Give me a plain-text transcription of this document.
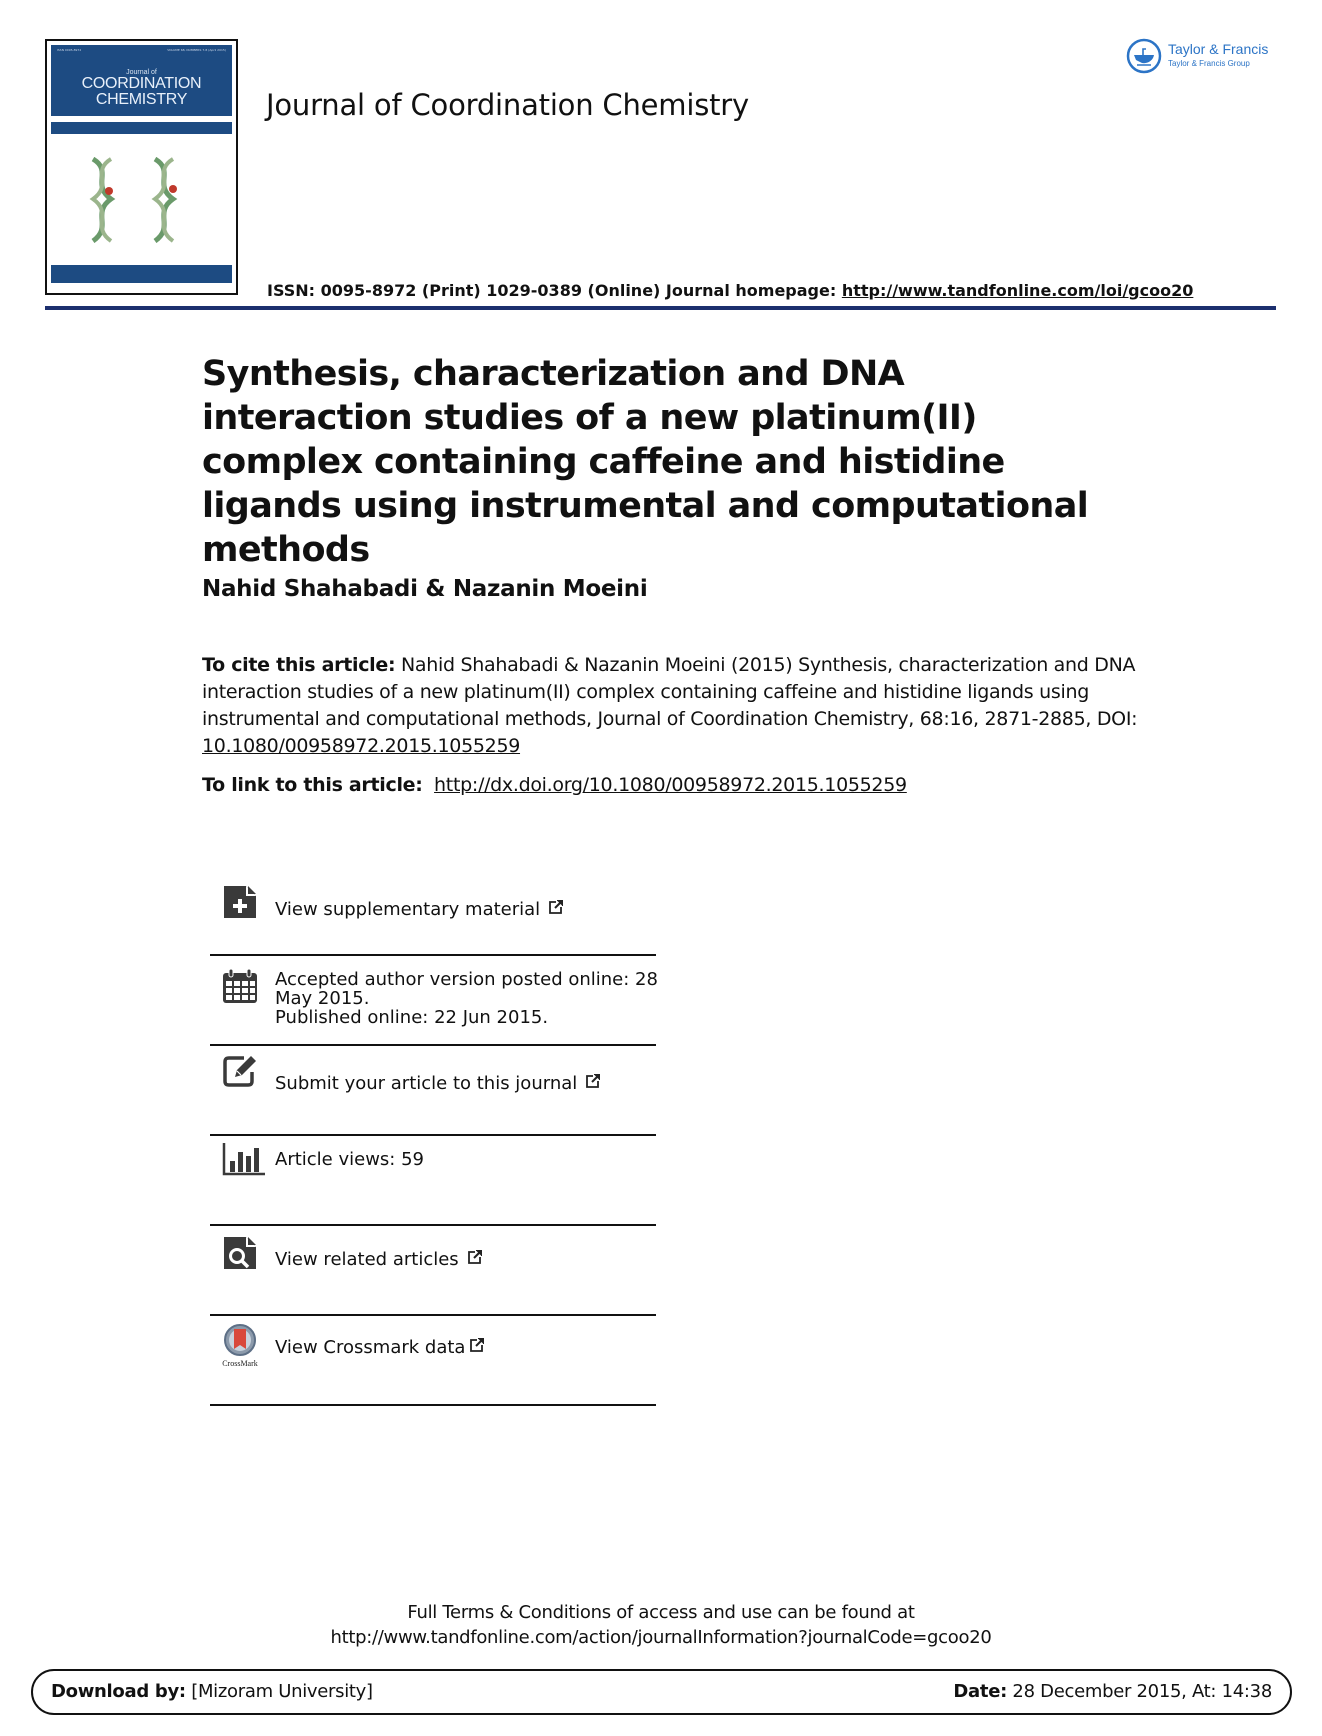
ISSN 0095-8972	VOLUME 68, NUMBERS 7-8 (April 2015)
Journal of
COORDINATION
CHEMISTRY	Journal of Coordination Chemistry
Taylor & Francis
Taylor & Francis Group
ISSN: 0095-8972 (Print) 1029-0389 (Online) Journal homepage: http://www.tandfonline.com/loi/gcoo20
Synthesis, characterization and DNA interaction studies of a new platinum(II) complex containing caffeine and histidine ligands using instrumental and computational methods
Nahid Shahabadi & Nazanin Moeini
To cite this article: Nahid Shahabadi & Nazanin Moeini (2015) Synthesis, characterization and DNA interaction studies of a new platinum(II) complex containing caffeine and histidine ligands using instrumental and computational methods, Journal of Coordination Chemistry, 68:16, 2871-2885, DOI: 10.1080/00958972.2015.1055259
To link to this article: http://dx.doi.org/10.1080/00958972.2015.1055259
View supplementary material
Accepted author version posted online: 28
May 2015.
Published online: 22 Jun 2015.
Submit your article to this journal
Article views: 59
View related articles
CrossMark
View Crossmark data
Full Terms & Conditions of access and use can be found at
http://www.tandfonline.com/action/journalInformation?journalCode=gcoo20
Download by: [Mizoram University]	Date: 28 December 2015, At: 14:38
